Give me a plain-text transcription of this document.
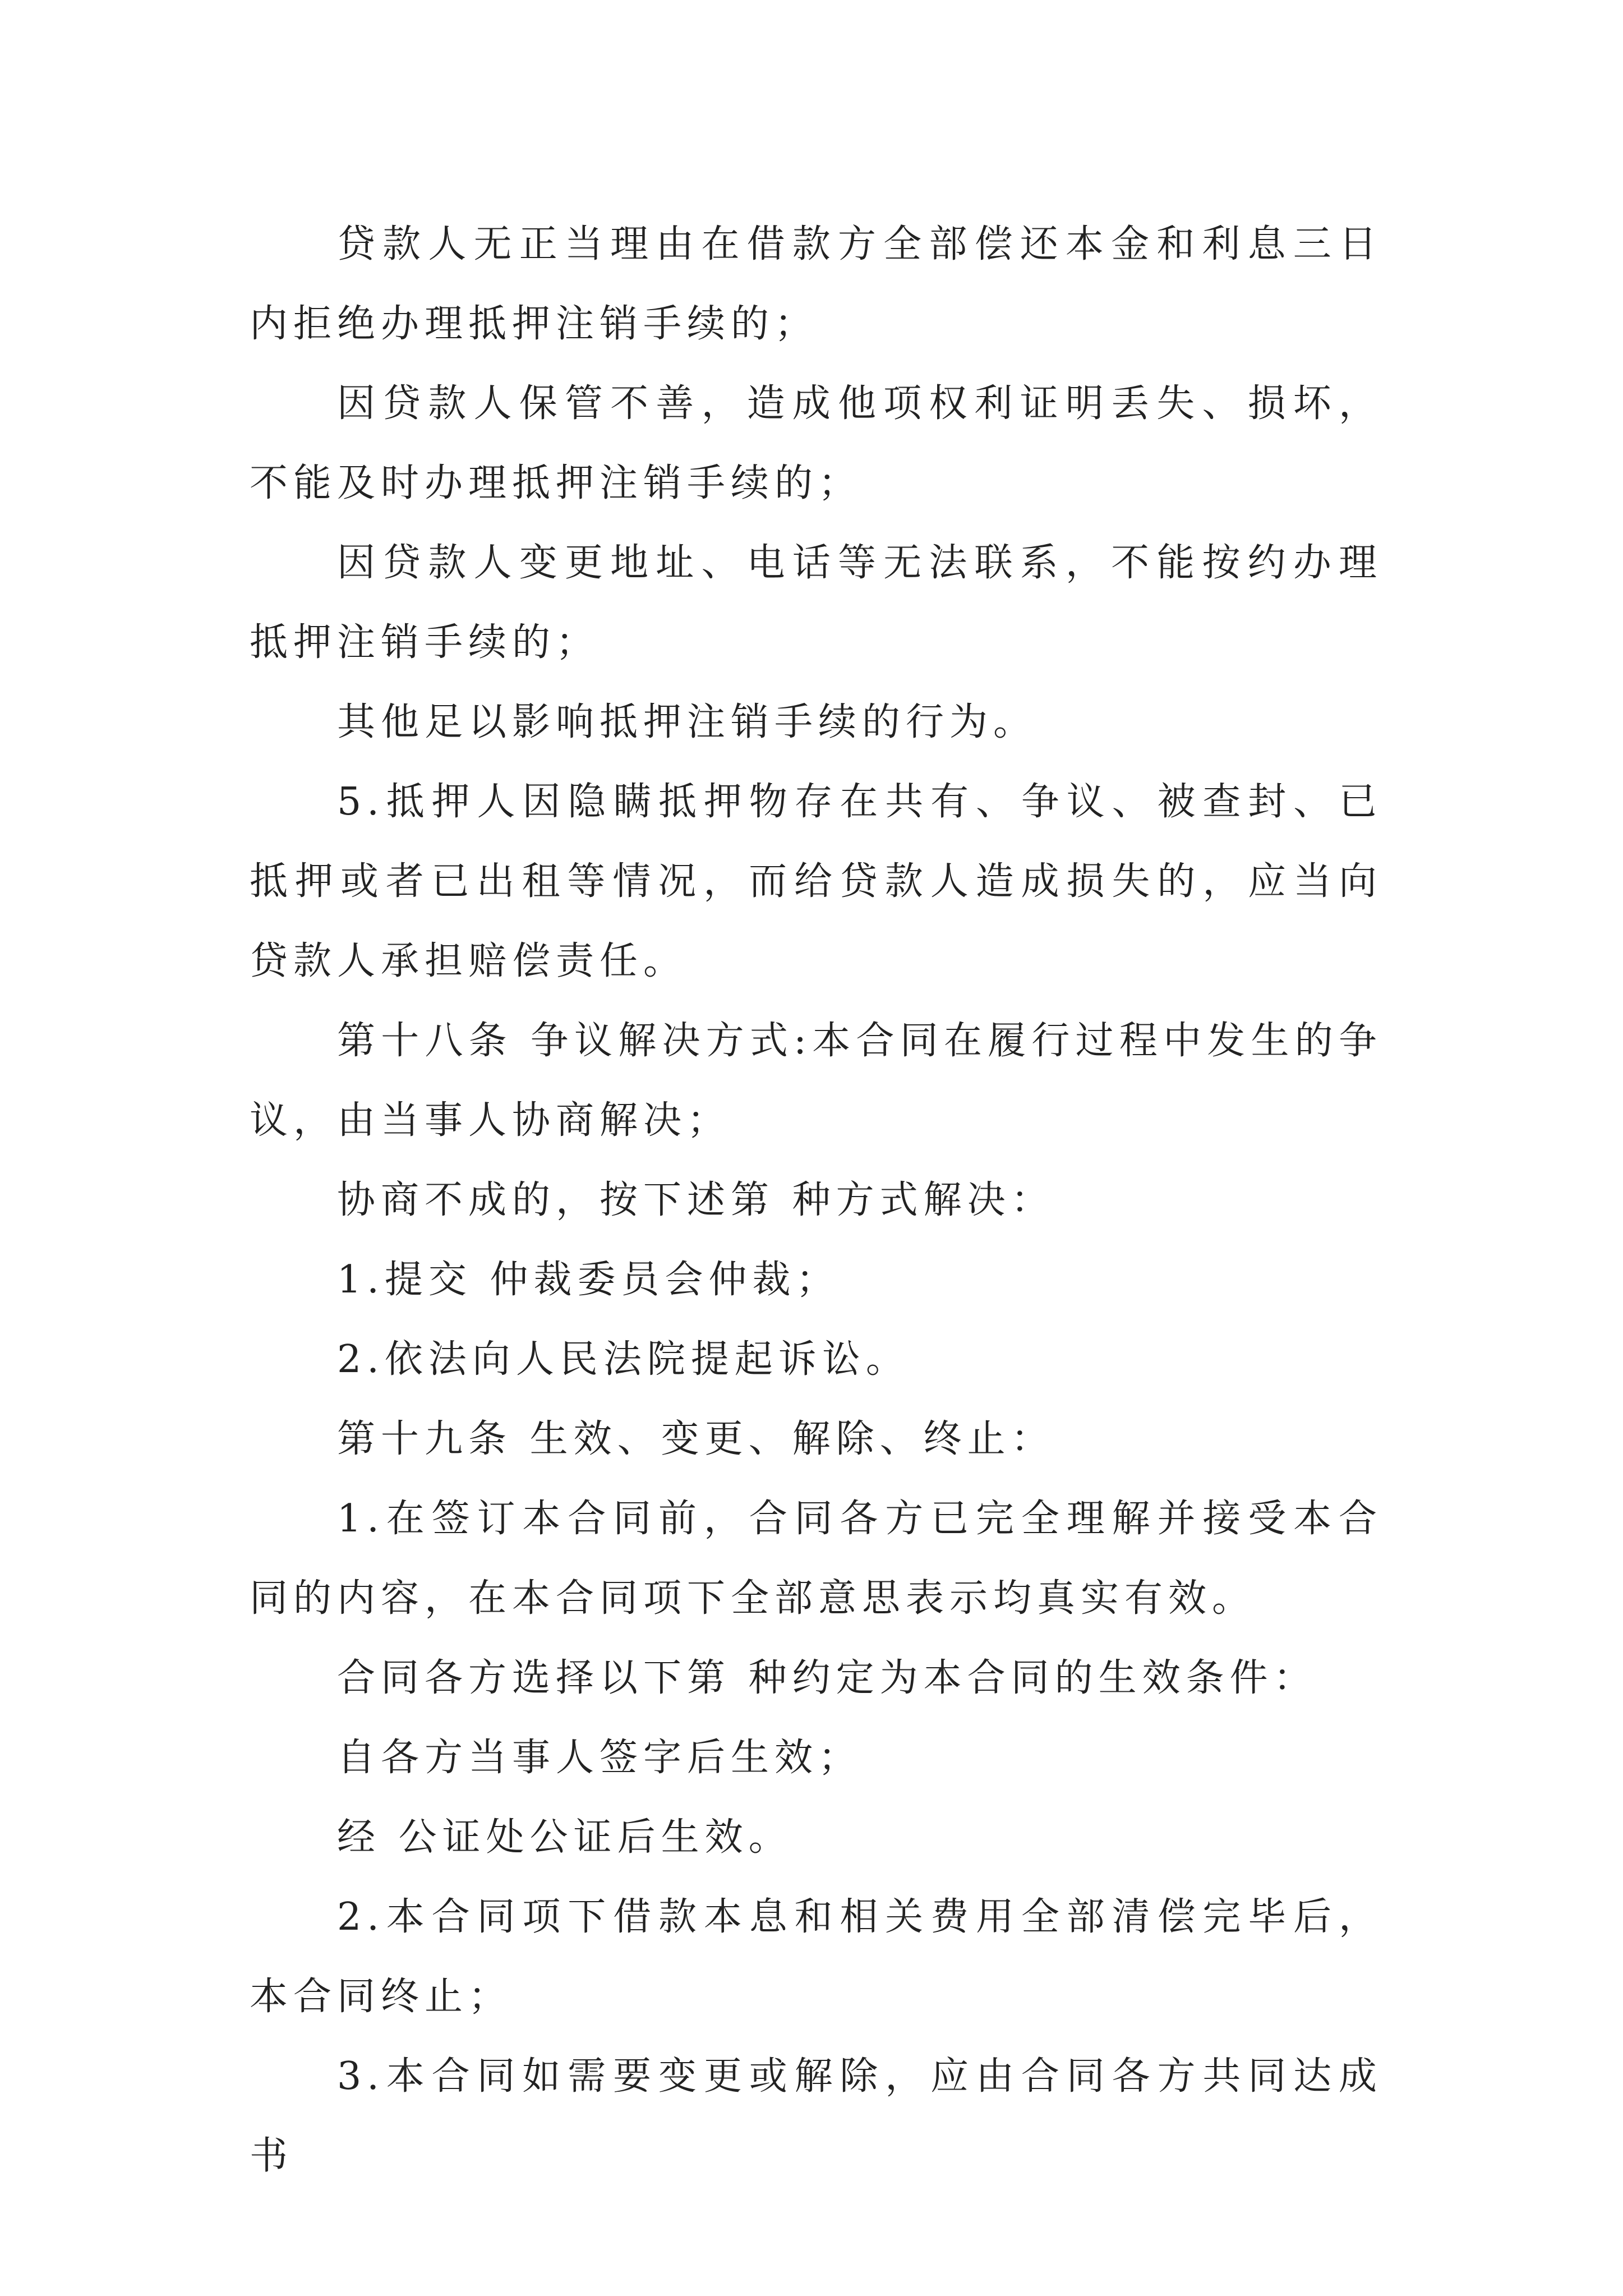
贷款人无正当理由在借款方全部偿还本金和利息三日内拒绝办理抵押注销手续的；

因贷款人保管不善，造成他项权利证明丢失、损坏，不能及时办理抵押注销手续的；

因贷款人变更地址、电话等无法联系，不能按约办理抵押注销手续的；

其他足以影响抵押注销手续的行为。

5.抵押人因隐瞒抵押物存在共有、争议、被查封、已抵押或者已出租等情况，而给贷款人造成损失的，应当向贷款人承担赔偿责任。

第十八条 争议解决方式:本合同在履行过程中发生的争议，由当事人协商解决；

协商不成的，按下述第 种方式解决：

1.提交 仲裁委员会仲裁；

2.依法向人民法院提起诉讼。

第十九条 生效、变更、解除、终止：

1.在签订本合同前，合同各方已完全理解并接受本合同的内容，在本合同项下全部意思表示均真实有效。

合同各方选择以下第 种约定为本合同的生效条件：

自各方当事人签字后生效；

经 公证处公证后生效。

2.本合同项下借款本息和相关费用全部清偿完毕后，本合同终止；

3.本合同如需要变更或解除，应由合同各方共同达成书
